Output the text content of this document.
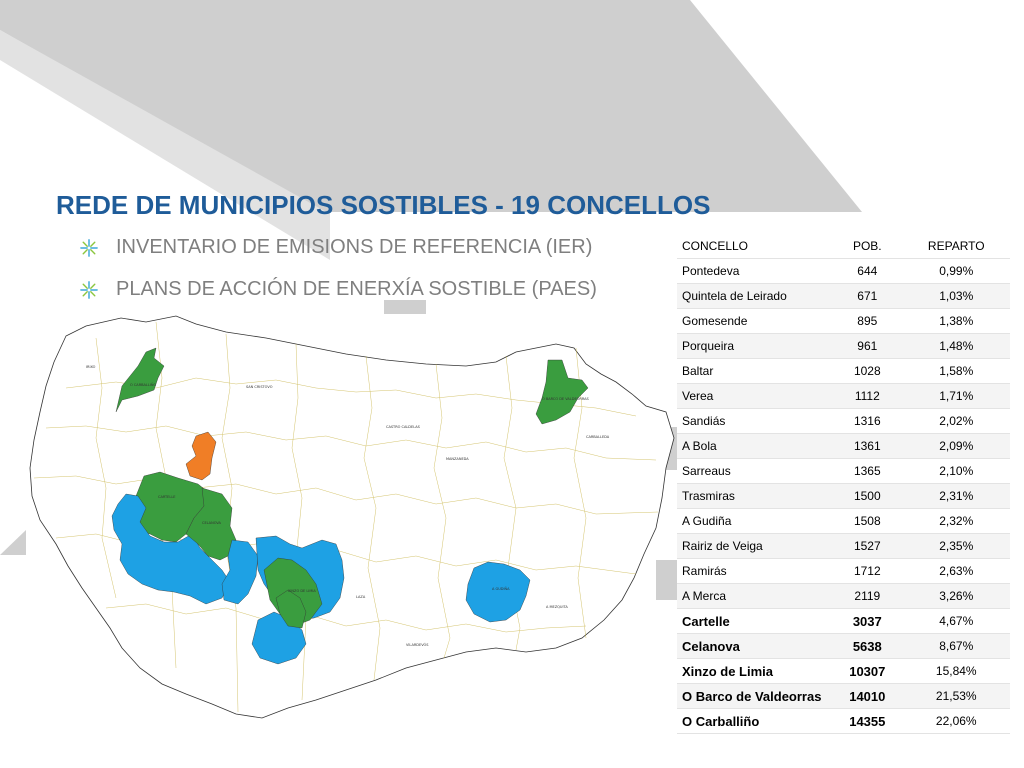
REDE DE MUNICIPIOS SOSTIBLES - 19 CONCELLOS
INVENTARIO DE EMISIONS DE REFERENCIA (IER)
PLANS DE ACCIÓN DE ENERXÍA SOSTIBLE (PAES)
O CARBALLIÑO
O BARCO DE VALDEORRAS
CARTELLE
CELANOVA
XINZO DE LIMIA	A GUDIÑA
IRIXO
SAN CRISTOVO
CASTRO CALDELAS
MANZANEDA
LAZA
VILARDEVÓS
A MEZQUITA
CARBALLEDA
CONCELLO	POB.	REPARTO
Pontedeva	644	0,99%
Quintela de Leirado	671	1,03%
Gomesende	895	1,38%
Porqueira	961	1,48%
Baltar	1028	1,58%
Verea	1112	1,71%
Sandiás	1316	2,02%
A Bola	1361	2,09%
Sarreaus	1365	2,10%
Trasmiras	1500	2,31%
A Gudiña	1508	2,32%
Rairiz de Veiga	1527	2,35%
Ramirás	1712	2,63%
A Merca	2119	3,26%
Cartelle	3037	4,67%
Celanova	5638	8,67%
Xinzo de Limia	10307	15,84%
O Barco de Valdeorras	14010	21,53%
O Carballiño	14355	22,06%
